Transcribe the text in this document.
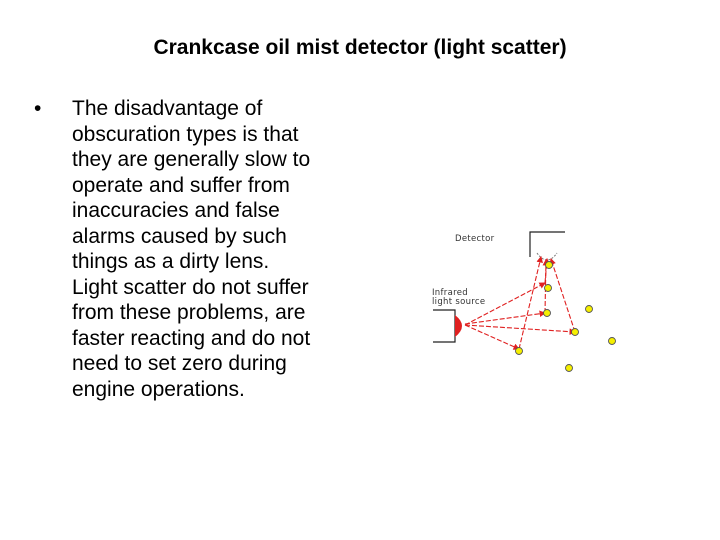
Crankcase oil mist detector (light scatter)
• The disadvantage of
obscuration types is that
they are generally slow to
operate and suffer from
inaccuracies and false
alarms caused by such
things as a dirty lens.
Light scatter do not suffer
from these problems, are
faster reacting and do not
need to set zero during
engine operations.
Detector
Infrared
light source
